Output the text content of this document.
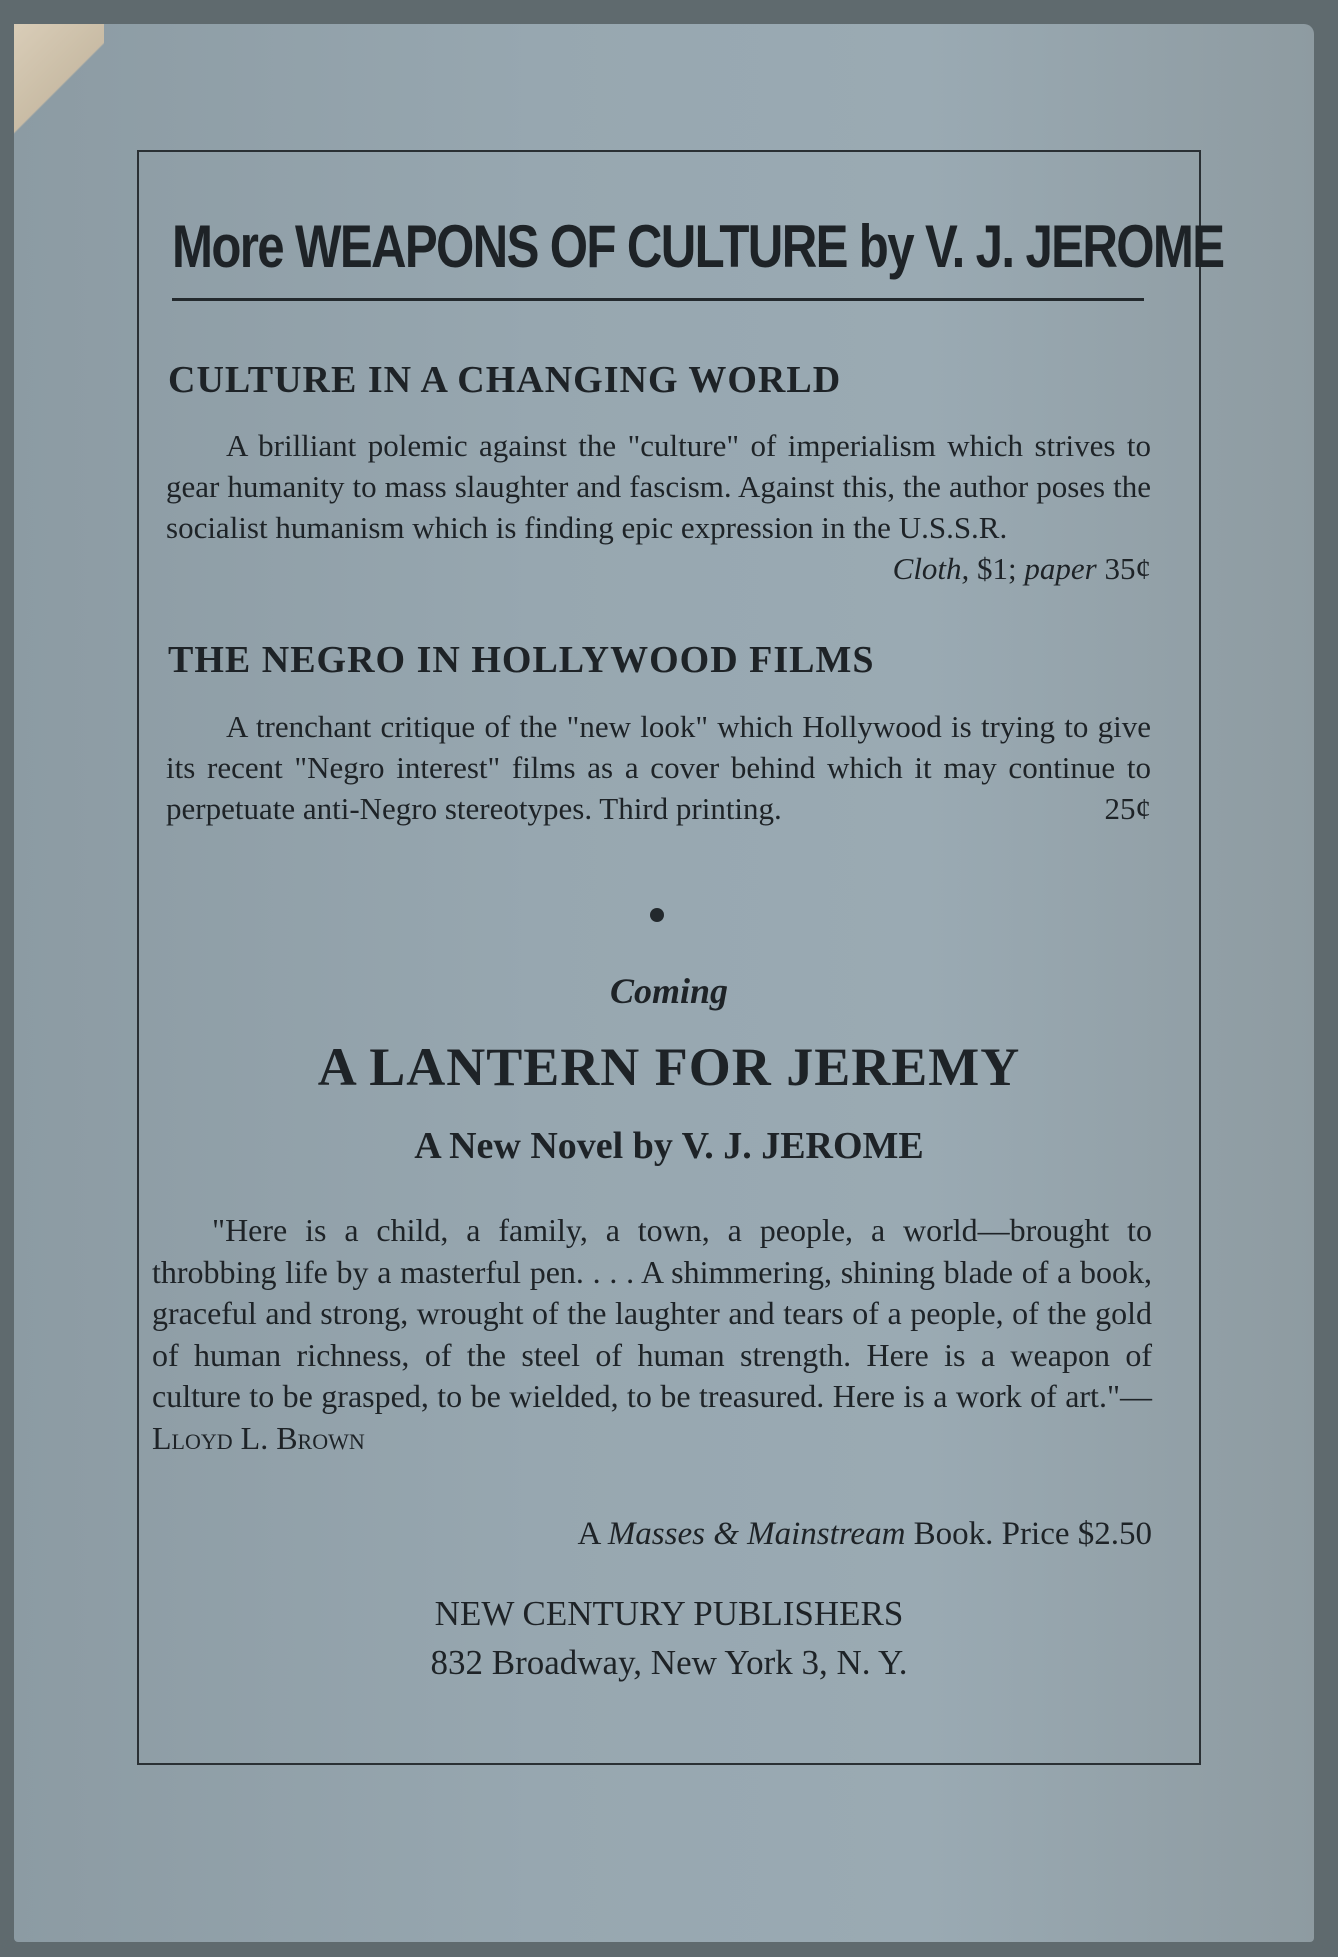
More WEAPONS OF CULTURE by V. J. JEROME
CULTURE IN A CHANGING WORLD
A brilliant polemic against the "culture" of imperialism which strives to gear humanity to mass slaughter and fascism. Against this, the author poses the socialist humanism which is finding epic expression in the U.S.S.R.
Cloth, $1; paper 35¢
THE NEGRO IN HOLLYWOOD FILMS
A trenchant critique of the "new look" which Hollywood is trying to give its recent "Negro interest" films as a cover behind which it may continue to perpetuate anti-Negro stereotypes. Third printing.	25¢
Coming
A LANTERN FOR JEREMY
A New Novel by V. J. JEROME
"Here is a child, a family, a town, a people, a world—brought to throbbing life by a masterful pen. . . . A shimmering, shining blade of a book, graceful and strong, wrought of the laughter and tears of a people, of the gold of human richness, of the steel of human strength. Here is a weapon of culture to be grasped, to be wielded, to be treasured. Here is a work of art."—Lloyd L. Brown
A Masses & Mainstream Book. Price $2.50
NEW CENTURY PUBLISHERS
832 Broadway, New York 3, N. Y.
